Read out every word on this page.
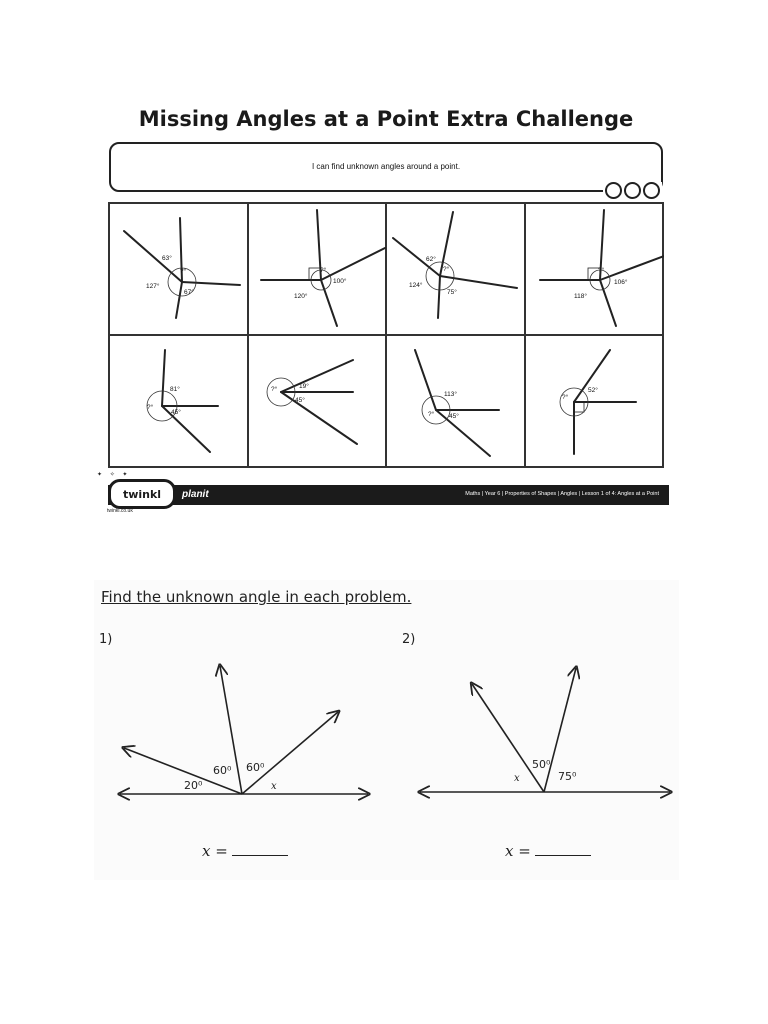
Missing Angles at a Point Extra Challenge
I can find unknown angles around a point.
63°
?°
127°
67°
?°
100°
120°
62°
?°
124°
75°
?°
106°
118°
81°
?°
45°
?°	19°
45°
113°
?° 45°
?°
52°
✦ ✧ ✦
twinkl	planit	Maths | Year 6 | Properties of Shapes | Angles | Lesson 1 of 4: Angles at a Point
twinkl.co.uk
Find the unknown angle in each problem.
1)	2)
60⁰ 60⁰
20⁰	x
50⁰
75⁰
x
x =	x =
